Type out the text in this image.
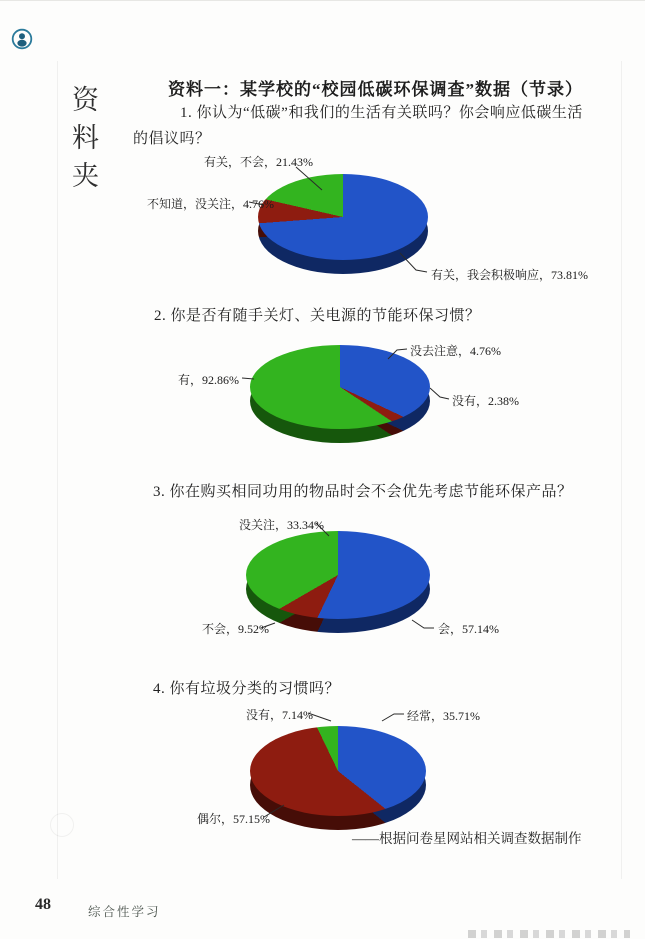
资料夹	资料一：某学校的“校园低碳环保调查”数据（节录）
1. 你认为“低碳”和我们的生活有关联吗？你会响应低碳生活的倡议吗？
2. 你是否有随手关灯、关电源的节能环保习惯？
3. 你在购买相同功用的物品时会不会优先考虑节能环保产品？
4. 你有垃圾分类的习惯吗？
有关，不会，21.43%
不知道，没关注，4.76%
有关，我会积极响应，73.81%
没去注意，4.76%
有，92.86%
没有，2.38%
没关注，33.34%
不会，9.52%	会，57.14%
没有，7.14%	经常，35.71%
偶尔，57.15%
——根据问卷星网站相关调查数据制作
48	综合性学习
